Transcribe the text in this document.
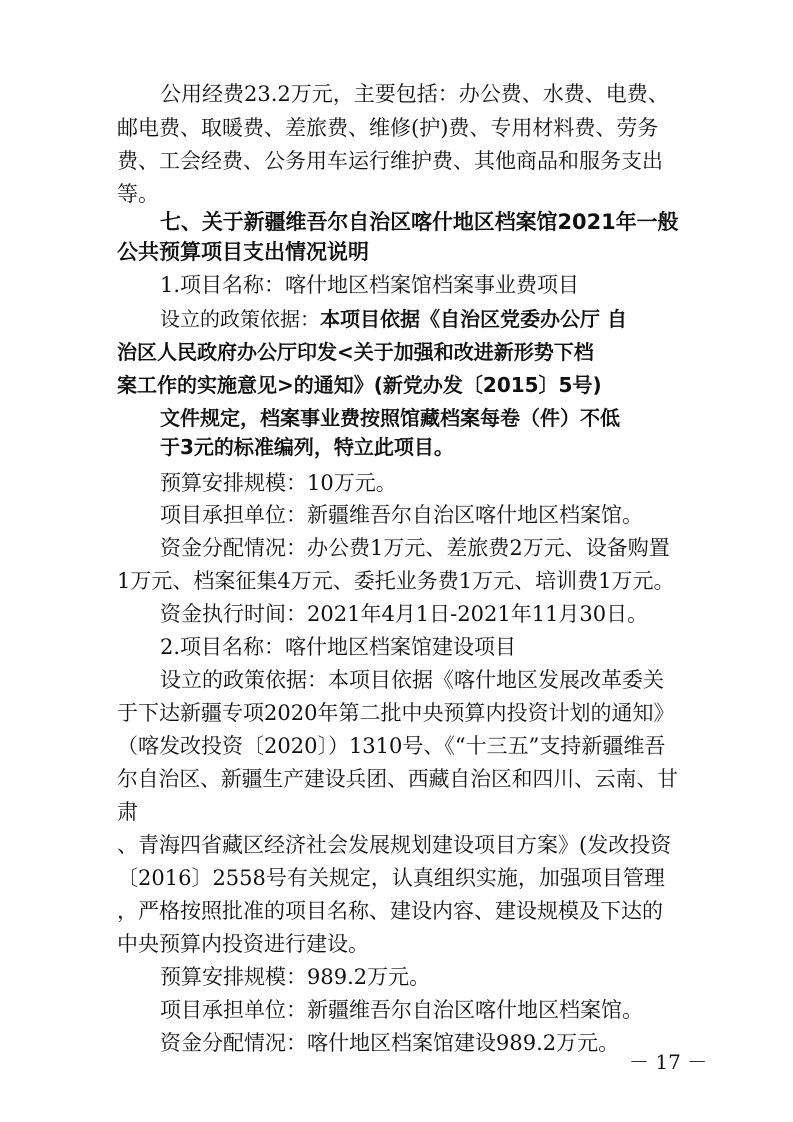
公用经费23.2万元，主要包括：办公费、水费、电费、
邮电费、取暖费、差旅费、维修(护)费、专用材料费、劳务
费、工会经费、公务用车运行维护费、其他商品和服务支出
等。
七、关于新疆维吾尔自治区喀什地区档案馆2021年一般
公共预算项目支出情况说明
1.项目名称：喀什地区档案馆档案事业费项目
设立的政策依据：本项目依据《自治区党委办公厅 自
治区人民政府办公厅印发<关于加强和改进新形势下档
案工作的实施意见>的通知》(新党办发〔2015〕5号)
文件规定，档案事业费按照馆藏档案每卷（件）不低
于3元的标准编列，特立此项目。
预算安排规模：10万元。
项目承担单位：新疆维吾尔自治区喀什地区档案馆。
资金分配情况：办公费1万元、差旅费2万元、设备购置
1万元、档案征集4万元、委托业务费1万元、培训费1万元。
资金执行时间：2021年4月1日-2021年11月30日。
2.项目名称：喀什地区档案馆建设项目
设立的政策依据：本项目依据《喀什地区发展改革委关
于下达新疆专项2020年第二批中央预算内投资计划的通知》
（喀发改投资〔2020〕）1310号、《“十三五”支持新疆维吾
尔自治区、新疆生产建设兵团、西藏自治区和四川、云南、甘
肃
、青海四省藏区经济社会发展规划建设项目方案》(发改投资
〔2016〕2558号有关规定，认真组织实施，加强项目管理
，严格按照批准的项目名称、建设内容、建设规模及下达的
中央预算内投资进行建设。
预算安排规模：989.2万元。
项目承担单位：新疆维吾尔自治区喀什地区档案馆。
资金分配情况：喀什地区档案馆建设989.2万元。
－ 17 －
